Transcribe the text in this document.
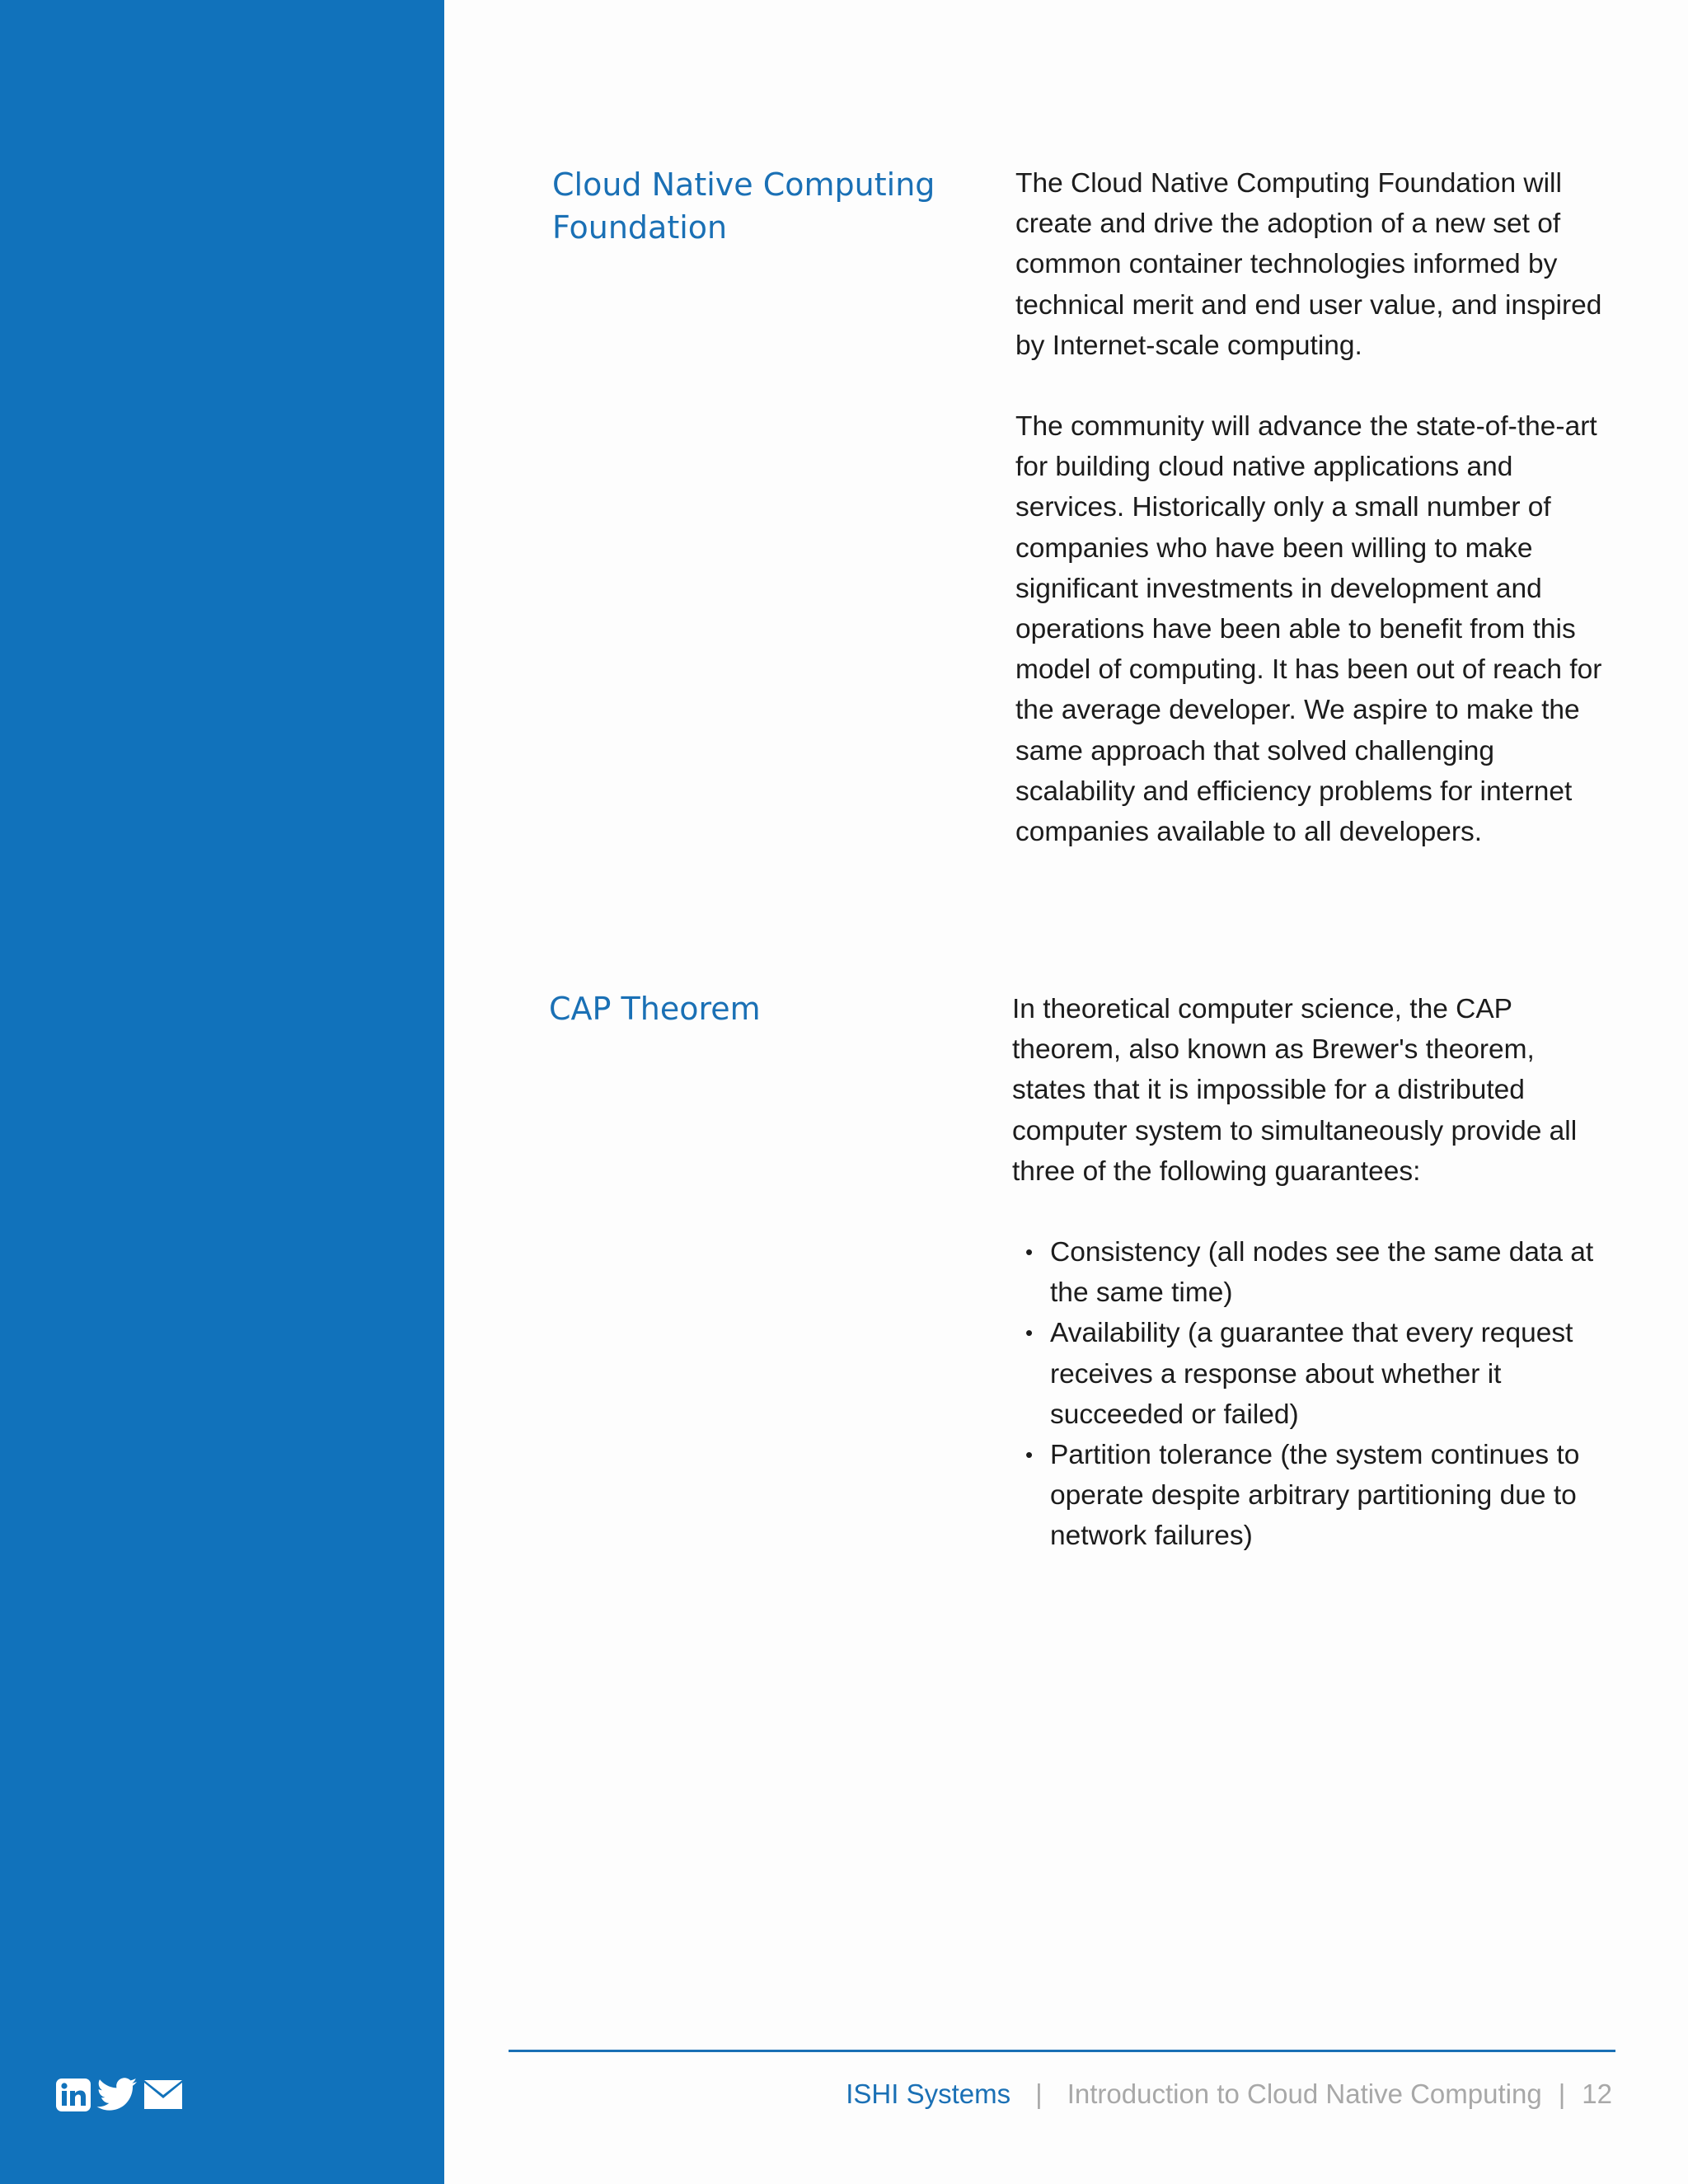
Cloud Native Computing Foundation

The Cloud Native Computing Foundation will create and drive the adoption of a new set of common container technologies informed by technical merit and end user value, and inspired by Internet-scale computing.

The community will advance the state-of-the-art for building cloud native applications and services. Historically only a small number of companies who have been willing to make significant investments in development and operations have been able to benefit from this model of computing. It has been out of reach for the average developer. We aspire to make the same approach that solved challenging scalability and efficiency problems for internet companies available to all developers.

CAP Theorem	In theoretical computer science, the CAP theorem, also known as Brewer's theorem, states that it is impossible for a distributed computer system to simultaneously provide all three of the following guarantees:

• Consistency (all nodes see the same data at the same time)
• Availability (a guarantee that every request receives a response about whether it succeeded or failed)
• Partition tolerance (the system continues to operate despite arbitrary partitioning due to network failures)
ISHI Systems | Introduction to Cloud Native Computing | 12
